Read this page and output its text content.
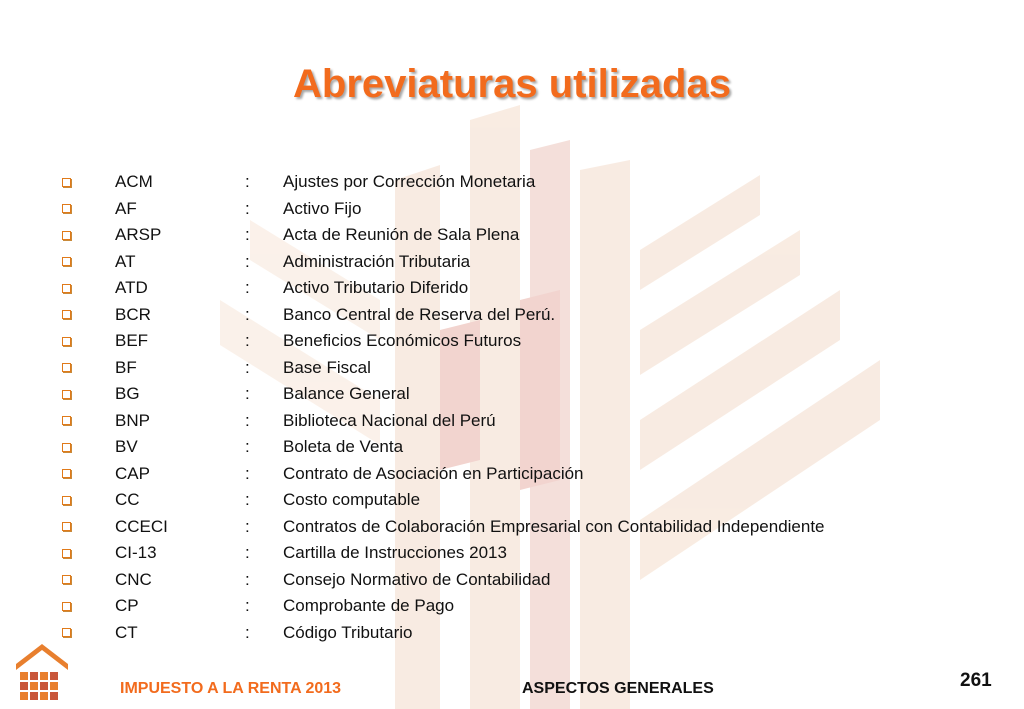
Abreviaturas utilizadas
ACM	:	Ajustes por Corrección Monetaria
AF	:	Activo Fijo
ARSP	:	Acta de Reunión de Sala Plena
AT	:	Administración Tributaria
ATD	:	Activo Tributario Diferido
BCR	:	Banco Central de Reserva del Perú.
BEF	:	Beneficios Económicos Futuros
BF	:	Base Fiscal
BG	:	Balance General
BNP	:	Biblioteca Nacional del Perú
BV	:	Boleta de Venta
CAP	:	Contrato de Asociación en Participación
CC	:	Costo computable
CCECI	:	Contratos de Colaboración Empresarial con Contabilidad Independiente
CI-13	:	Cartilla de Instrucciones 2013
CNC	:	Consejo Normativo de Contabilidad
CP	:	Comprobante de Pago
CT	:	Código Tributario
IMPUESTO A LA RENTA 2013	ASPECTOS GENERALES	261
